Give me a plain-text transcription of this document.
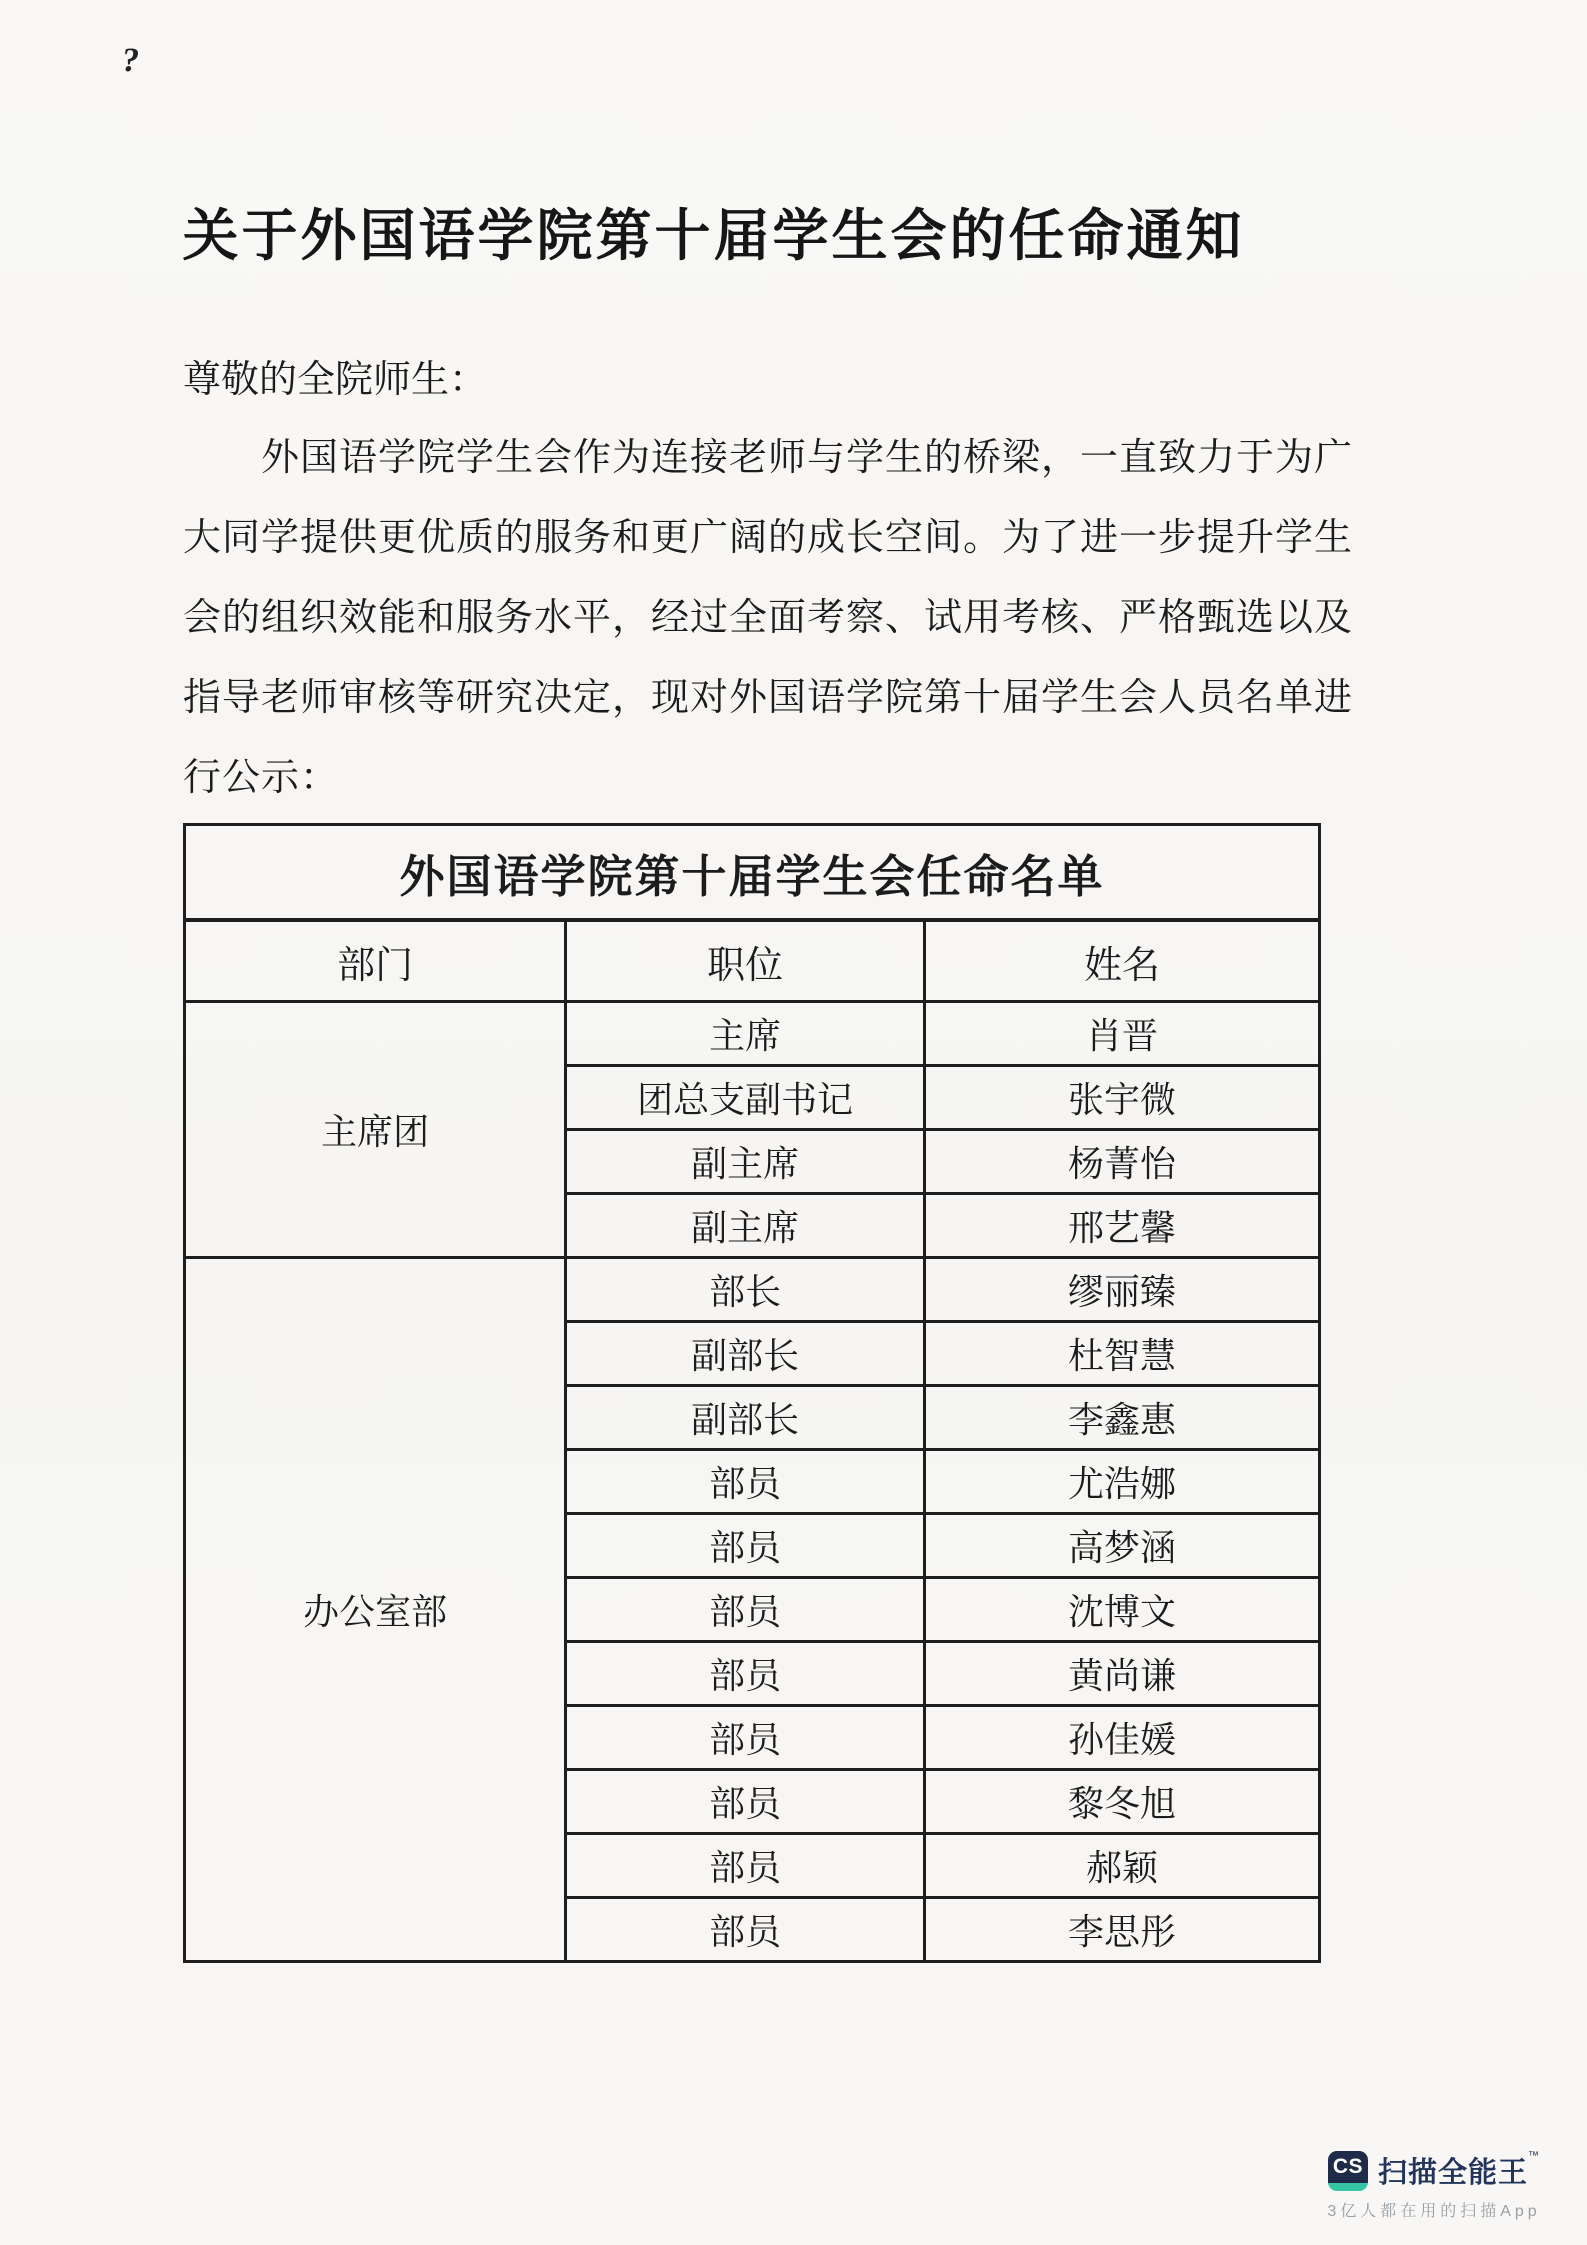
?
关于外国语学院第十届学生会的任命通知
尊敬的全院师生：
外国语学院学生会作为连接老师与学生的桥梁，一直致力于为广
大同学提供更优质的服务和更广阔的成长空间。为了进一步提升学生
会的组织效能和服务水平，经过全面考察、试用考核、严格甄选以及
指导老师审核等研究决定，现对外国语学院第十届学生会人员名单进
行公示：
外国语学院第十届学生会任命名单		
部门	职位	姓名
主席团	主席	肖晋
	团总支副书记	张宇微
	副主席	杨菁怡
	副主席	邢艺馨
办公室部	部长	缪丽臻
	副部长	杜智慧
	副部长	李鑫惠
	部员	尤浩娜
	部员	高梦涵
	部员	沈博文
	部员	黄尚谦
	部员	孙佳媛
	部员	黎冬旭
	部员	郝颖
	部员	李思彤
CS 扫描全能王™
3亿人都在用的扫描App
